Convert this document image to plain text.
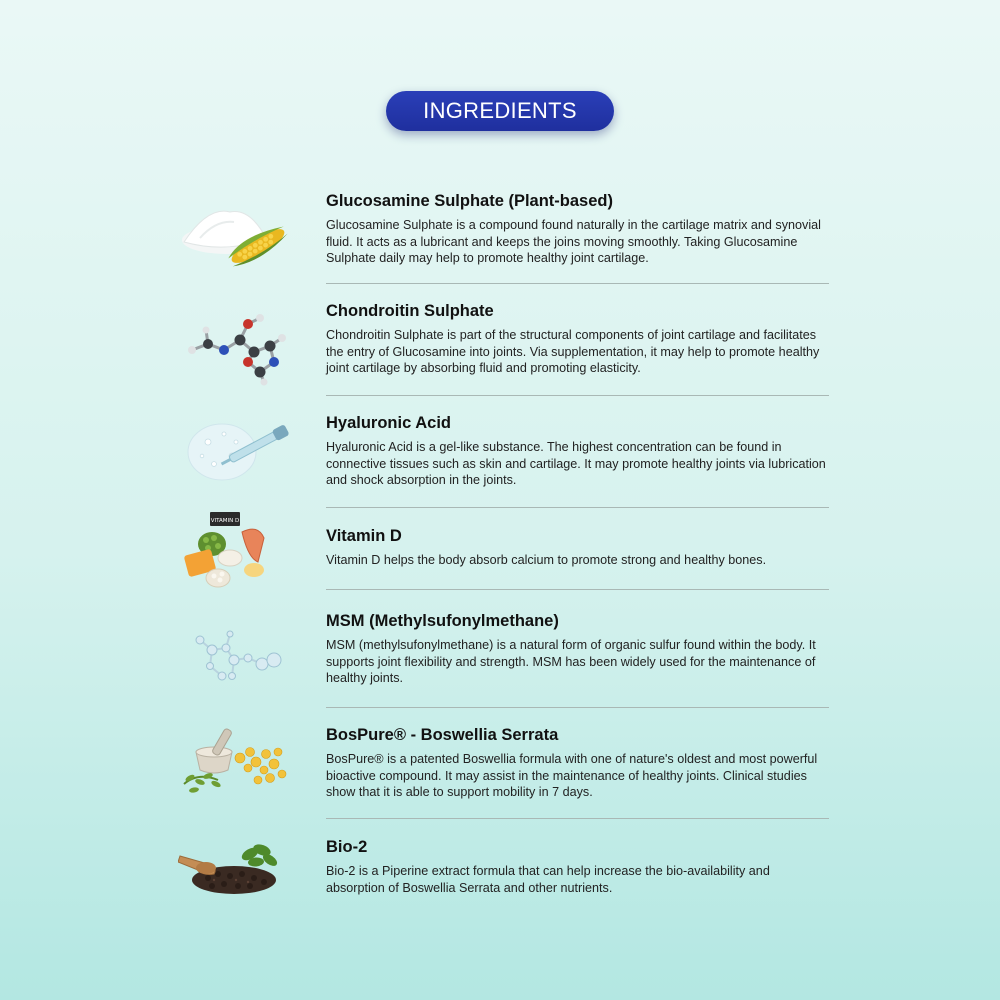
INGREDIENTS

Glucosamine Sulphate (Plant-based)

Glucosamine Sulphate is a compound found naturally in the cartilage matrix and synovial fluid. It acts as a lubricant and keeps the joins moving smoothly. Taking Glucosamine Sulphate daily may help to promote healthy joint cartilage.

Chondroitin Sulphate

Chondroitin Sulphate is part of the structural components of joint cartilage and facilitates the entry of Glucosamine into joints. Via supplementation, it may help to promote healthy joint cartilage by absorbing fluid and promoting elasticity.

Hyaluronic Acid

Hyaluronic Acid is a gel-like substance. The highest concentration can be found in connective tissues such as skin and cartilage. It may promote healthy joints via lubrication and shock absorption in the joints.

VITAMIN D

Vitamin D

Vitamin D helps the body absorb calcium to promote strong and healthy bones.

MSM (Methylsufonylmethane)

MSM (methylsufonylmethane) is a natural form of organic sulfur found within the body. It supports joint flexibility and strength. MSM has been widely used for the maintenance of healthy joints.

BosPure® - Boswellia Serrata

BosPure® is a patented Boswellia formula with one of nature's oldest and most powerful bioactive compound. It may assist in the maintenance of healthy joints. Clinical studies show that it is able to support mobility in 7 days.

Bio-2

Bio-2 is a Piperine extract formula that can help increase the bio-availability and absorption of Boswellia Serrata and other nutrients.
